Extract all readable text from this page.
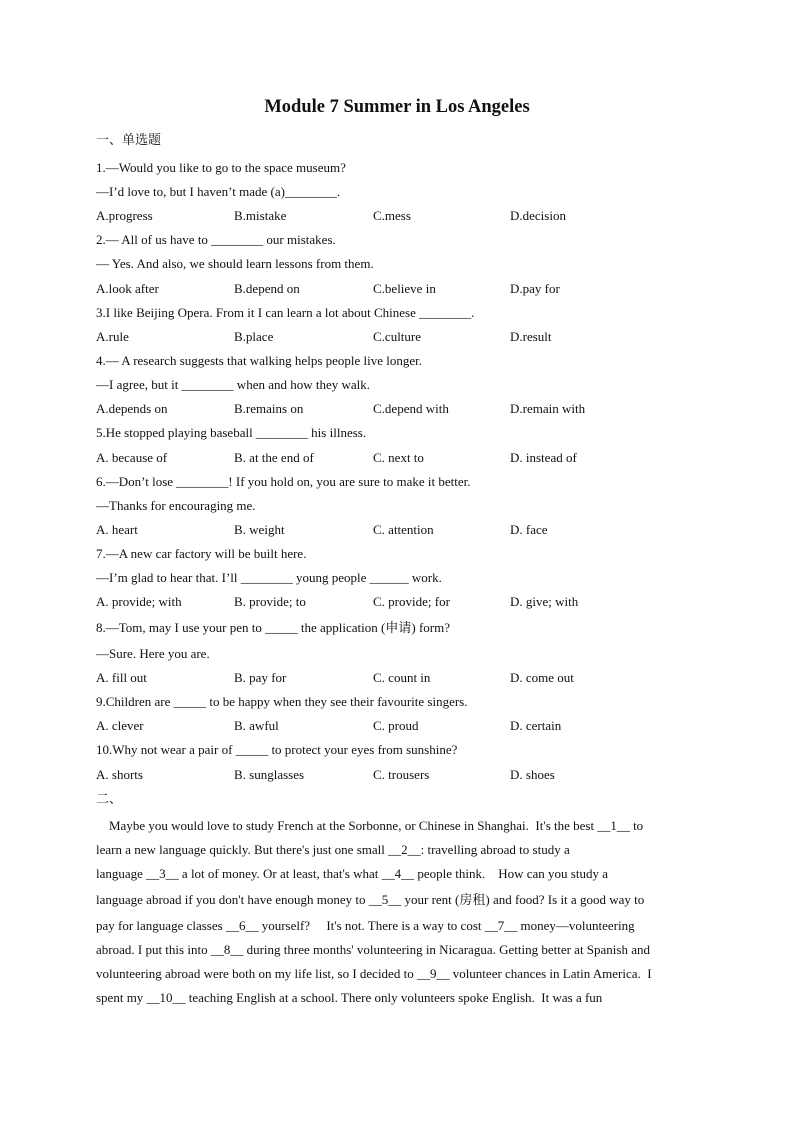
Module 7 Summer in Los Angeles
一、单选题
1.—Would you like to go to the space museum?
—I’d love to, but I haven’t made (a)________.
A.progress	B.mistake	C.mess	D.decision
2.— All of us have to ________ our mistakes.
— Yes. And also, we should learn lessons from them.
A.look after	B.depend on	C.believe in	D.pay for
3.I like Beijing Opera. From it I can learn a lot about Chinese ________.
A.rule	B.place	C.culture	D.result
4.— A research suggests that walking helps people live longer.
—I agree, but it ________ when and how they walk.
A.depends on	B.remains on	C.depend with	D.remain with
5.He stopped playing baseball ________ his illness.
A. because of	B. at the end of	C. next to	D. instead of
6.—Don’t lose ________! If you hold on, you are sure to make it better.
—Thanks for encouraging me.
A. heart	B. weight	C. attention	D. face
7.—A new car factory will be built here.
—I’m glad to hear that. I’ll ________ young people ______ work.
A. provide; with	B. provide; to	C. provide; for	D. give; with
8.—Tom, may I use your pen to _____ the application (申请) form?
—Sure. Here you are.
A. fill out	B. pay for	C. count in	D. come out
9.Children are _____ to be happy when they see their favourite singers.
A. clever	B. awful	C. proud	D. certain
10.Why not wear a pair of _____ to protect your eyes from sunshine?
A. shorts	B. sunglasses	C. trousers	D. shoes
二、
Maybe you would love to study French at the Sorbonne, or Chinese in Shanghai.  It's the best __1__ to
learn a new language quickly. But there's just one small __2__: travelling abroad to study a
language __3__ a lot of money. Or at least, that's what __4__ people think.    How can you study a
language abroad if you don't have enough money to __5__ your rent (房租) and food? Is it a good way to
pay for language classes __6__ yourself?     It's not. There is a way to cost __7__ money—volunteering
abroad. I put this into __8__ during three months' volunteering in Nicaragua. Getting better at Spanish and
volunteering abroad were both on my life list, so I decided to __9__ volunteer chances in Latin America.  I
spent my __10__ teaching English at a school. There only volunteers spoke English.  It was a fun
